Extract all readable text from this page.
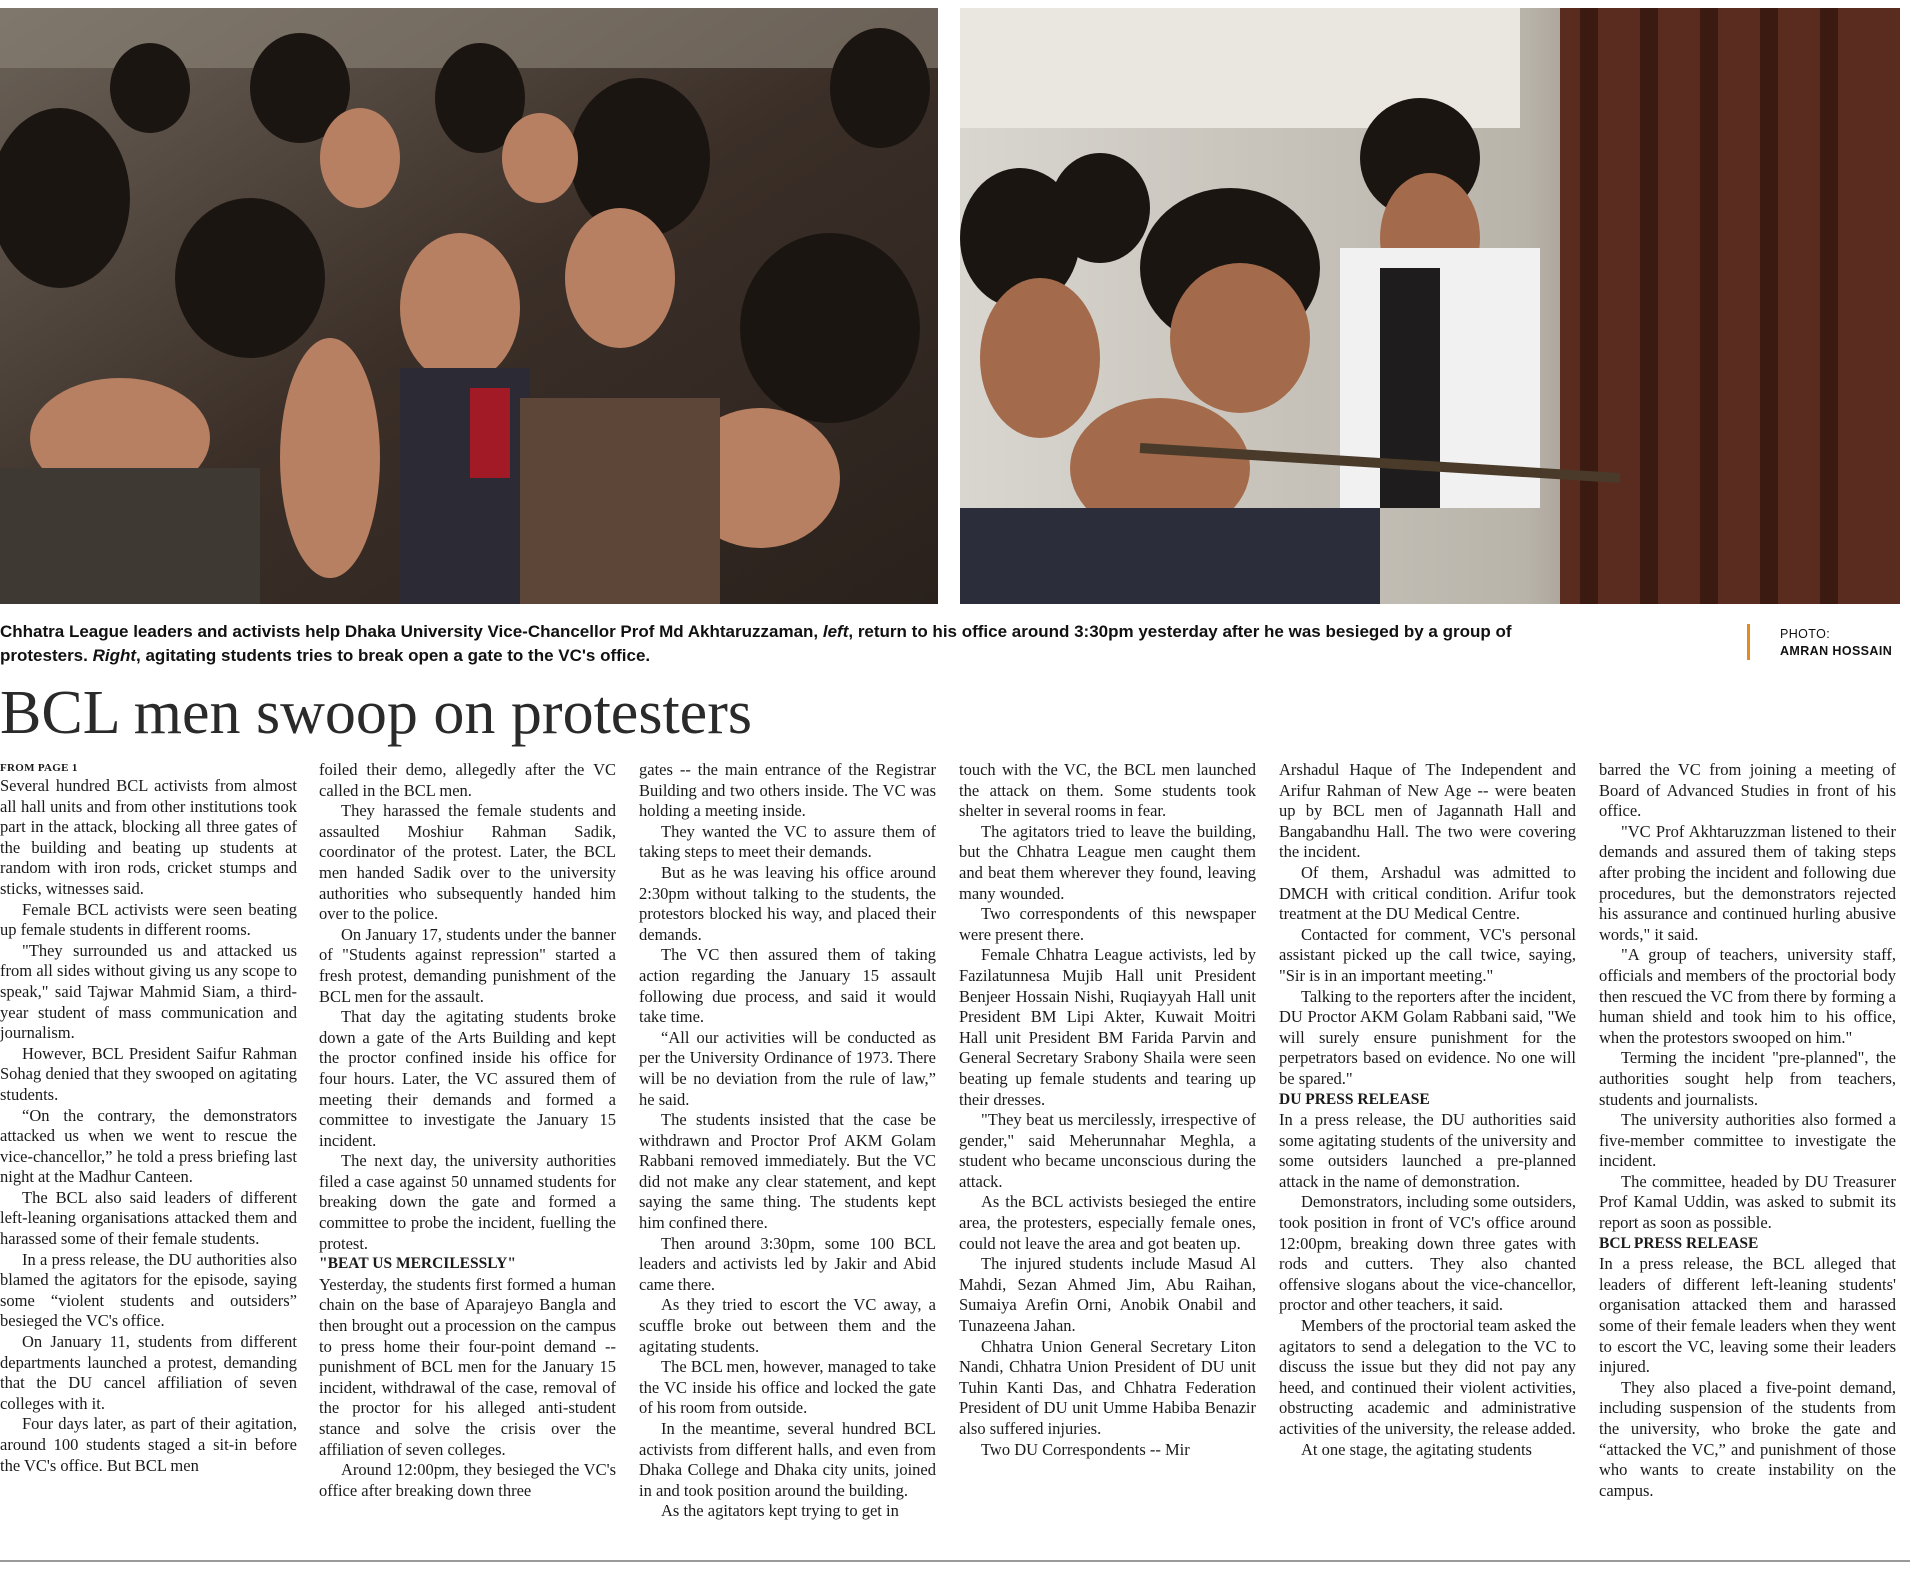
Chhatra League leaders and activists help Dhaka University Vice-Chancellor Prof Md Akhtaruzzaman, left, return to his office around 3:30pm yesterday after he was besieged by a group of protesters. Right, agitating students tries to break open a gate to the VC's office.
PHOTO:
AMRAN HOSSAIN
BCL men swoop on protesters

FROM PAGE 1

Several hundred BCL activists from almost all hall units and from other institutions took part in the attack, blocking all three gates of the building and beating up students at random with iron rods, cricket stumps and sticks, witnesses said.

Female BCL activists were seen beating up female students in different rooms.

"They surrounded us and attacked us from all sides without giving us any scope to speak," said Tajwar Mahmid Siam, a third-year student of mass communication and journalism.

However, BCL President Saifur Rahman Sohag denied that they swooped on agitating students.

“On the contrary, the demonstrators attacked us when we went to rescue the vice-chancellor,” he told a press briefing last night at the Madhur Canteen.

The BCL also said leaders of different left-leaning organisations attacked them and harassed some of their female students.

In a press release, the DU authorities also blamed the agitators for the episode, saying some “violent students and outsiders” besieged the VC's office.

On January 11, students from different departments launched a protest, demanding that the DU cancel affiliation of seven colleges with it.

Four days later, as part of their agitation, around 100 students staged a sit-in before the VC's office. But BCL men

foiled their demo, allegedly after the VC called in the BCL men.

They harassed the female students and assaulted Moshiur Rahman Sadik, coordinator of the protest. Later, the BCL men handed Sadik over to the university authorities who subsequently handed him over to the police.

On January 17, students under the banner of "Students against repression" started a fresh protest, demanding punishment of the BCL men for the assault.

That day the agitating students broke down a gate of the Arts Building and kept the proctor confined inside his office for four hours. Later, the VC assured them of meeting their demands and formed a committee to investigate the January 15 incident.

The next day, the university authorities filed a case against 50 unnamed students for breaking down the gate and formed a committee to probe the incident, fuelling the protest.

"BEAT US MERCILESSLY"

Yesterday, the students first formed a human chain on the base of Aparajeyo Bangla and then brought out a procession on the campus to press home their four-point demand -- punishment of BCL men for the January 15 incident, withdrawal of the case, removal of the proctor for his alleged anti-student stance and solve the crisis over the affiliation of seven colleges.

Around 12:00pm, they besieged the VC's office after breaking down three

gates -- the main entrance of the Registrar Building and two others inside. The VC was holding a meeting inside.

They wanted the VC to assure them of taking steps to meet their demands.

But as he was leaving his office around 2:30pm without talking to the students, the protestors blocked his way, and placed their demands.

The VC then assured them of taking action regarding the January 15 assault following due process, and said it would take time.

“All our activities will be conducted as per the University Ordinance of 1973. There will be no deviation from the rule of law,” he said.

The students insisted that the case be withdrawn and Proctor Prof AKM Golam Rabbani removed immediately. But the VC did not make any clear statement, and kept saying the same thing. The students kept him confined there.

Then around 3:30pm, some 100 BCL leaders and activists led by Jakir and Abid came there.

As they tried to escort the VC away, a scuffle broke out between them and the agitating students.

The BCL men, however, managed to take the VC inside his office and locked the gate of his room from outside.

In the meantime, several hundred BCL activists from different halls, and even from Dhaka College and Dhaka city units, joined in and took position around the building.

As the agitators kept trying to get in

touch with the VC, the BCL men launched the attack on them. Some students took shelter in several rooms in fear.

The agitators tried to leave the building, but the Chhatra League men caught them and beat them wherever they found, leaving many wounded.

Two correspondents of this newspaper were present there.

Female Chhatra League activists, led by Fazilatunnesa Mujib Hall unit President Benjeer Hossain Nishi, Ruqiayyah Hall unit President BM Lipi Akter, Kuwait Moitri Hall unit President BM Farida Parvin and General Secretary Srabony Shaila were seen beating up female students and tearing up their dresses.

"They beat us mercilessly, irrespective of gender," said Meherunnahar Meghla, a student who became unconscious during the attack.

As the BCL activists besieged the entire area, the protesters, especially female ones, could not leave the area and got beaten up.

The injured students include Masud Al Mahdi, Sezan Ahmed Jim, Abu Raihan, Sumaiya Arefin Orni, Anobik Onabil and Tunazeena Jahan.

Chhatra Union General Secretary Liton Nandi, Chhatra Union President of DU unit Tuhin Kanti Das, and Chhatra Federation President of DU unit Umme Habiba Benazir also suffered injuries.

Two DU Correspondents -- Mir

Arshadul Haque of The Independent and Arifur Rahman of New Age -- were beaten up by BCL men of Jagannath Hall and Bangabandhu Hall. The two were covering the incident.

Of them, Arshadul was admitted to DMCH with critical condition. Arifur took treatment at the DU Medical Centre.

Contacted for comment, VC's personal assistant picked up the call twice, saying, "Sir is in an important meeting."

Talking to the reporters after the incident, DU Proctor AKM Golam Rabbani said, "We will surely ensure punishment for the perpetrators based on evidence. No one will be spared."

DU PRESS RELEASE

In a press release, the DU authorities said some agitating students of the university and some outsiders launched a pre-planned attack in the name of demonstration.

Demonstrators, including some outsiders, took position in front of VC's office around 12:00pm, breaking down three gates with rods and cutters. They also chanted offensive slogans about the vice-chancellor, proctor and other teachers, it said.

Members of the proctorial team asked the agitators to send a delegation to the VC to discuss the issue but they did not pay any heed, and continued their violent activities, obstructing academic and administrative activities of the university, the release added.

At one stage, the agitating students

barred the VC from joining a meeting of Board of Advanced Studies in front of his office.

"VC Prof Akhtaruzzman listened to their demands and assured them of taking steps after probing the incident and following due procedures, but the demonstrators rejected his assurance and continued hurling abusive words," it said.

"A group of teachers, university staff, officials and members of the proctorial body then rescued the VC from there by forming a human shield and took him to his office, when the protestors swooped on him."

Terming the incident "pre-planned", the authorities sought help from teachers, students and journalists.

The university authorities also formed a five-member committee to investigate the incident.

The committee, headed by DU Treasurer Prof Kamal Uddin, was asked to submit its report as soon as possible.

BCL PRESS RELEASE

In a press release, the BCL alleged that leaders of different left-leaning students' organisation attacked them and harassed some of their female leaders when they went to escort the VC, leaving some their leaders injured.

They also placed a five-point demand, including suspension of the students from the university, who broke the gate and “attacked the VC,” and punishment of those who wants to create instability on the campus.
